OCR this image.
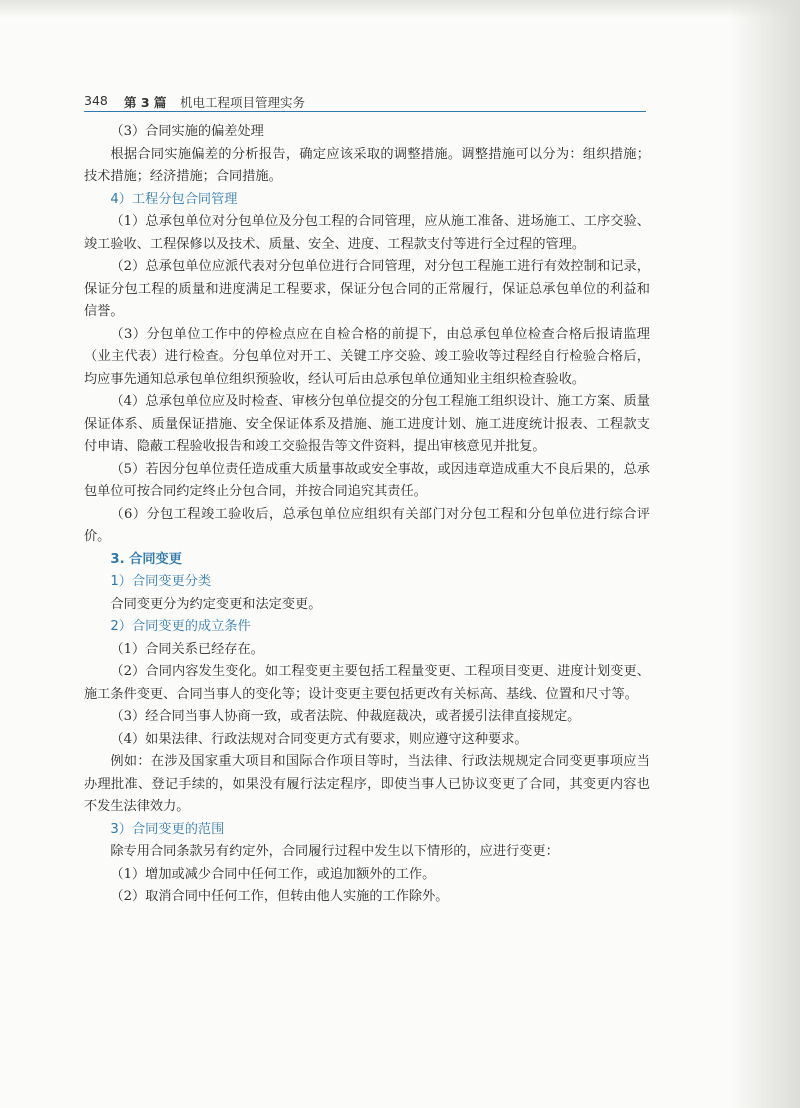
348 第 3 篇 机电工程项目管理实务

（3）合同实施的偏差处理

根据合同实施偏差的分析报告，确定应该采取的调整措施。调整措施可以分为：组织措施；技术措施；经济措施；合同措施。

4）工程分包合同管理

（1）总承包单位对分包单位及分包工程的合同管理，应从施工准备、进场施工、工序交验、竣工验收、工程保修以及技术、质量、安全、进度、工程款支付等进行全过程的管理。

（2）总承包单位应派代表对分包单位进行合同管理，对分包工程施工进行有效控制和记录，保证分包工程的质量和进度满足工程要求，保证分包合同的正常履行，保证总承包单位的利益和信誉。

（3）分包单位工作中的停检点应在自检合格的前提下，由总承包单位检查合格后报请监理（业主代表）进行检查。分包单位对开工、关键工序交验、竣工验收等过程经自行检验合格后，均应事先通知总承包单位组织预验收，经认可后由总承包单位通知业主组织检查验收。

（4）总承包单位应及时检查、审核分包单位提交的分包工程施工组织设计、施工方案、质量保证体系、质量保证措施、安全保证体系及措施、施工进度计划、施工进度统计报表、工程款支付申请、隐蔽工程验收报告和竣工交验报告等文件资料，提出审核意见并批复。

（5）若因分包单位责任造成重大质量事故或安全事故，或因违章造成重大不良后果的，总承包单位可按合同约定终止分包合同，并按合同追究其责任。

（6）分包工程竣工验收后，总承包单位应组织有关部门对分包工程和分包单位进行综合评价。

3. 合同变更

1）合同变更分类

合同变更分为约定变更和法定变更。

2）合同变更的成立条件

（1）合同关系已经存在。

（2）合同内容发生变化。如工程变更主要包括工程量变更、工程项目变更、进度计划变更、施工条件变更、合同当事人的变化等；设计变更主要包括更改有关标高、基线、位置和尺寸等。

（3）经合同当事人协商一致，或者法院、仲裁庭裁决，或者援引法律直接规定。

（4）如果法律、行政法规对合同变更方式有要求，则应遵守这种要求。

例如：在涉及国家重大项目和国际合作项目等时，当法律、行政法规规定合同变更事项应当办理批准、登记手续的，如果没有履行法定程序，即使当事人已协议变更了合同，其变更内容也不发生法律效力。

3）合同变更的范围

除专用合同条款另有约定外，合同履行过程中发生以下情形的，应进行变更：

（1）增加或减少合同中任何工作，或追加额外的工作。

（2）取消合同中任何工作，但转由他人实施的工作除外。
